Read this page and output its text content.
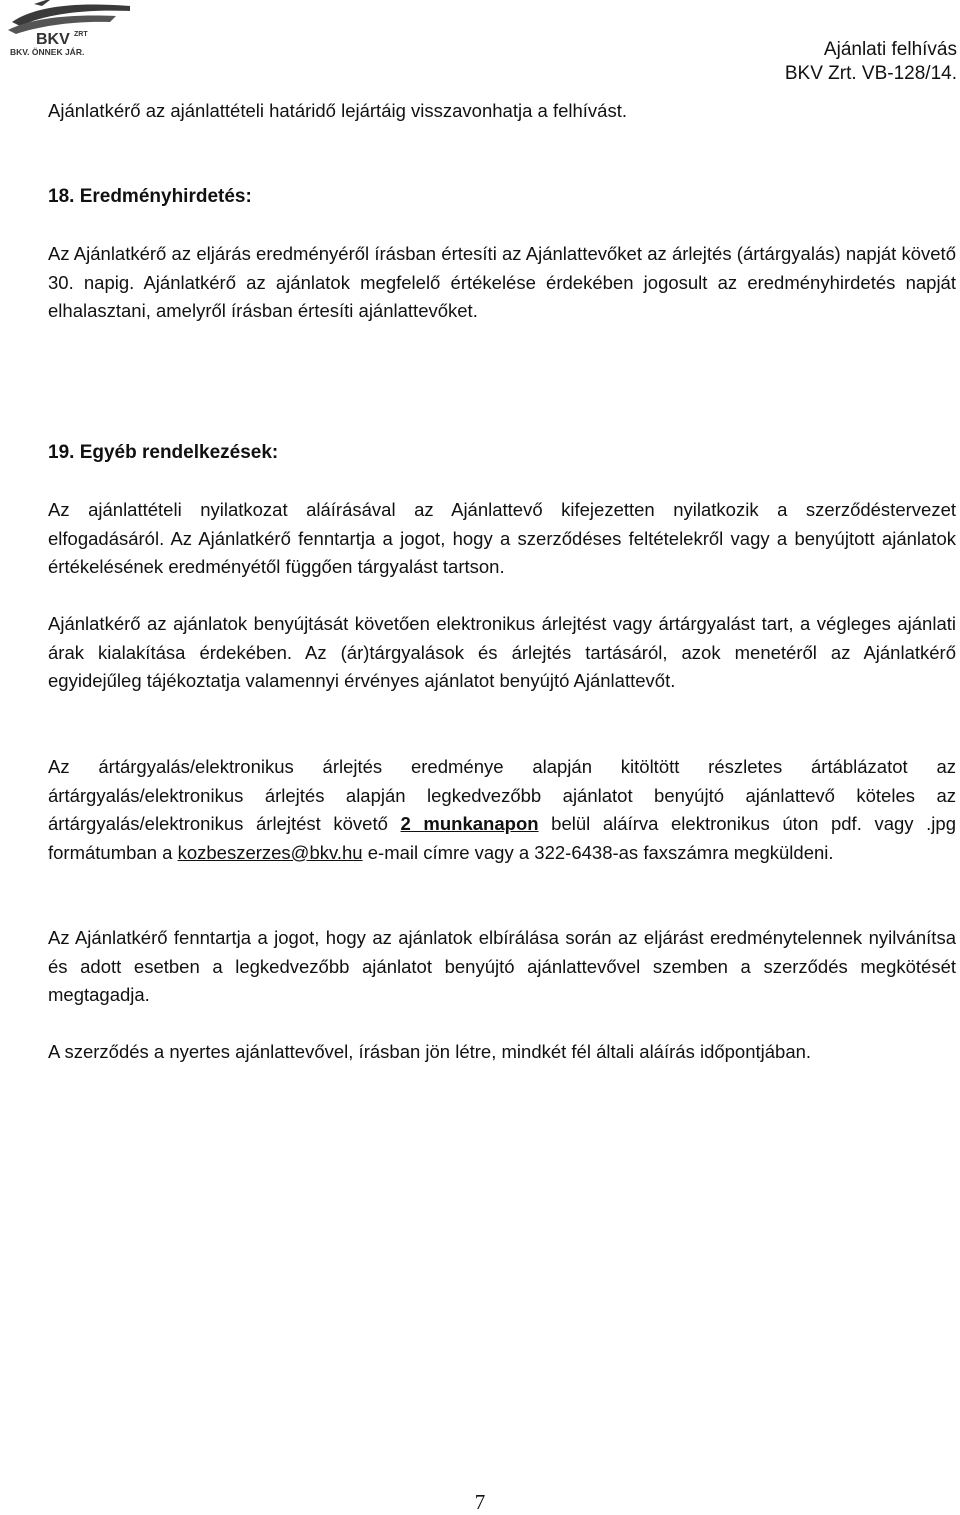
BKV ZRT
BKV. ÖNNEK JÁR.	Ajánlati felhívás
BKV Zrt. VB-128/14.
Ajánlatkérő az ajánlattételi határidő lejártáig visszavonhatja a felhívást.
18. Eredményhirdetés:
Az Ajánlatkérő az eljárás eredményéről írásban értesíti az Ajánlattevőket az árlejtés (ártárgyalás) napját követő 30. napig. Ajánlatkérő az ajánlatok megfelelő értékelése érdekében jogosult az eredményhirdetés napját elhalasztani, amelyről írásban értesíti ajánlattevőket.
19. Egyéb rendelkezések:
Az ajánlattételi nyilatkozat aláírásával az Ajánlattevő kifejezetten nyilatkozik a szerződéstervezet elfogadásáról. Az Ajánlatkérő fenntartja a jogot, hogy a szerződéses feltételekről vagy a benyújtott ajánlatok értékelésének eredményétől függően tárgyalást tartson.
Ajánlatkérő az ajánlatok benyújtását követően elektronikus árlejtést vagy ártárgyalást tart, a végleges ajánlati árak kialakítása érdekében. Az (ár)tárgyalások és árlejtés tartásáról, azok menetéről az Ajánlatkérő egyidejűleg tájékoztatja valamennyi érvényes ajánlatot benyújtó Ajánlattevőt.
Az ártárgyalás/elektronikus árlejtés eredménye alapján kitöltött részletes ártáblázatot az ártárgyalás/elektronikus árlejtés alapján legkedvezőbb ajánlatot benyújtó ajánlattevő köteles az ártárgyalás/elektronikus árlejtést követő 2 munkanapon belül aláírva elektronikus úton pdf. vagy .jpg formátumban a kozbeszerzes@bkv.hu e-mail címre vagy a 322-6438-as faxszámra megküldeni.
Az Ajánlatkérő fenntartja a jogot, hogy az ajánlatok elbírálása során az eljárást eredménytelennek nyilvánítsa és adott esetben a legkedvezőbb ajánlatot benyújtó ajánlattevővel szemben a szerződés megkötését megtagadja.
A szerződés a nyertes ajánlattevővel, írásban jön létre, mindkét fél általi aláírás időpontjában.
7
